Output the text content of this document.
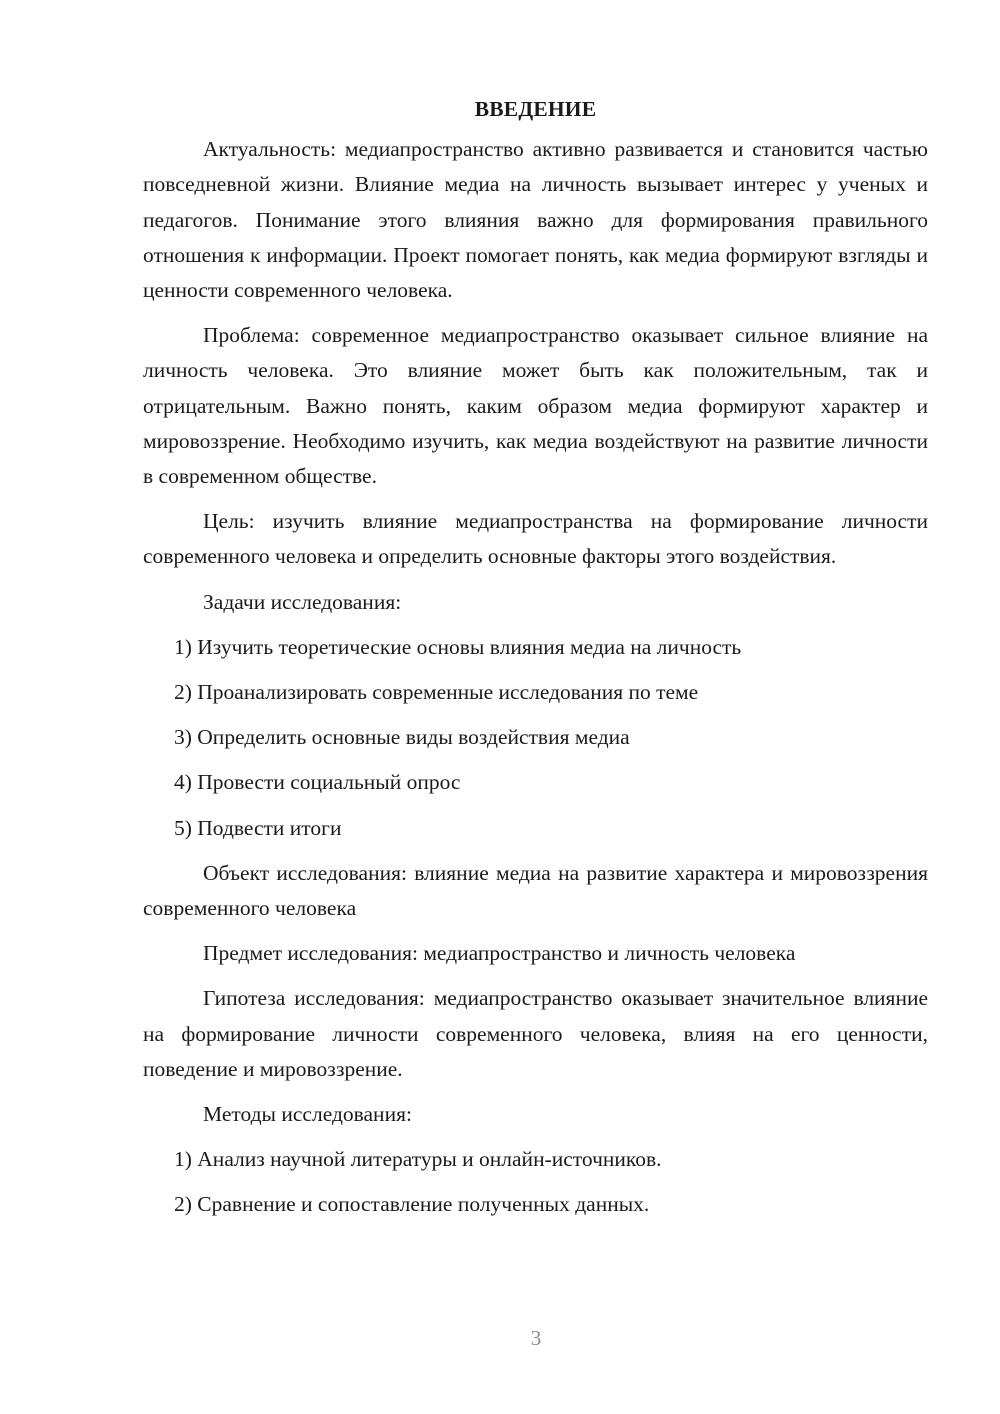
ВВЕДЕНИЕ

Актуальность: медиапространство активно развивается и становится частью повседневной жизни. Влияние медиа на личность вызывает интерес у ученых и педагогов. Понимание этого влияния важно для формирования правильного отношения к информации. Проект помогает понять, как медиа формируют взгляды и ценности современного человека.

Проблема: современное медиапространство оказывает сильное влияние на личность человека. Это влияние может быть как положительным, так и отрицательным. Важно понять, каким образом медиа формируют характер и мировоззрение. Необходимо изучить, как медиа воздействуют на развитие личности в современном обществе.

Цель: изучить влияние медиапространства на формирование личности современного человека и определить основные факторы этого воздействия.

Задачи исследования:

1) Изучить теоретические основы влияния медиа на личность
2) Проанализировать современные исследования по теме
3) Определить основные виды воздействия медиа
4) Провести социальный опрос
5) Подвести итоги

Объект исследования: влияние медиа на развитие характера и мировоззрения современного человека

Предмет исследования: медиапространство и личность человека

Гипотеза исследования: медиапространство оказывает значительное влияние на формирование личности современного человека, влияя на его ценности, поведение и мировоззрение.

Методы исследования:

1) Анализ научной литературы и онлайн-источников.
2) Сравнение и сопоставление полученных данных.
3
